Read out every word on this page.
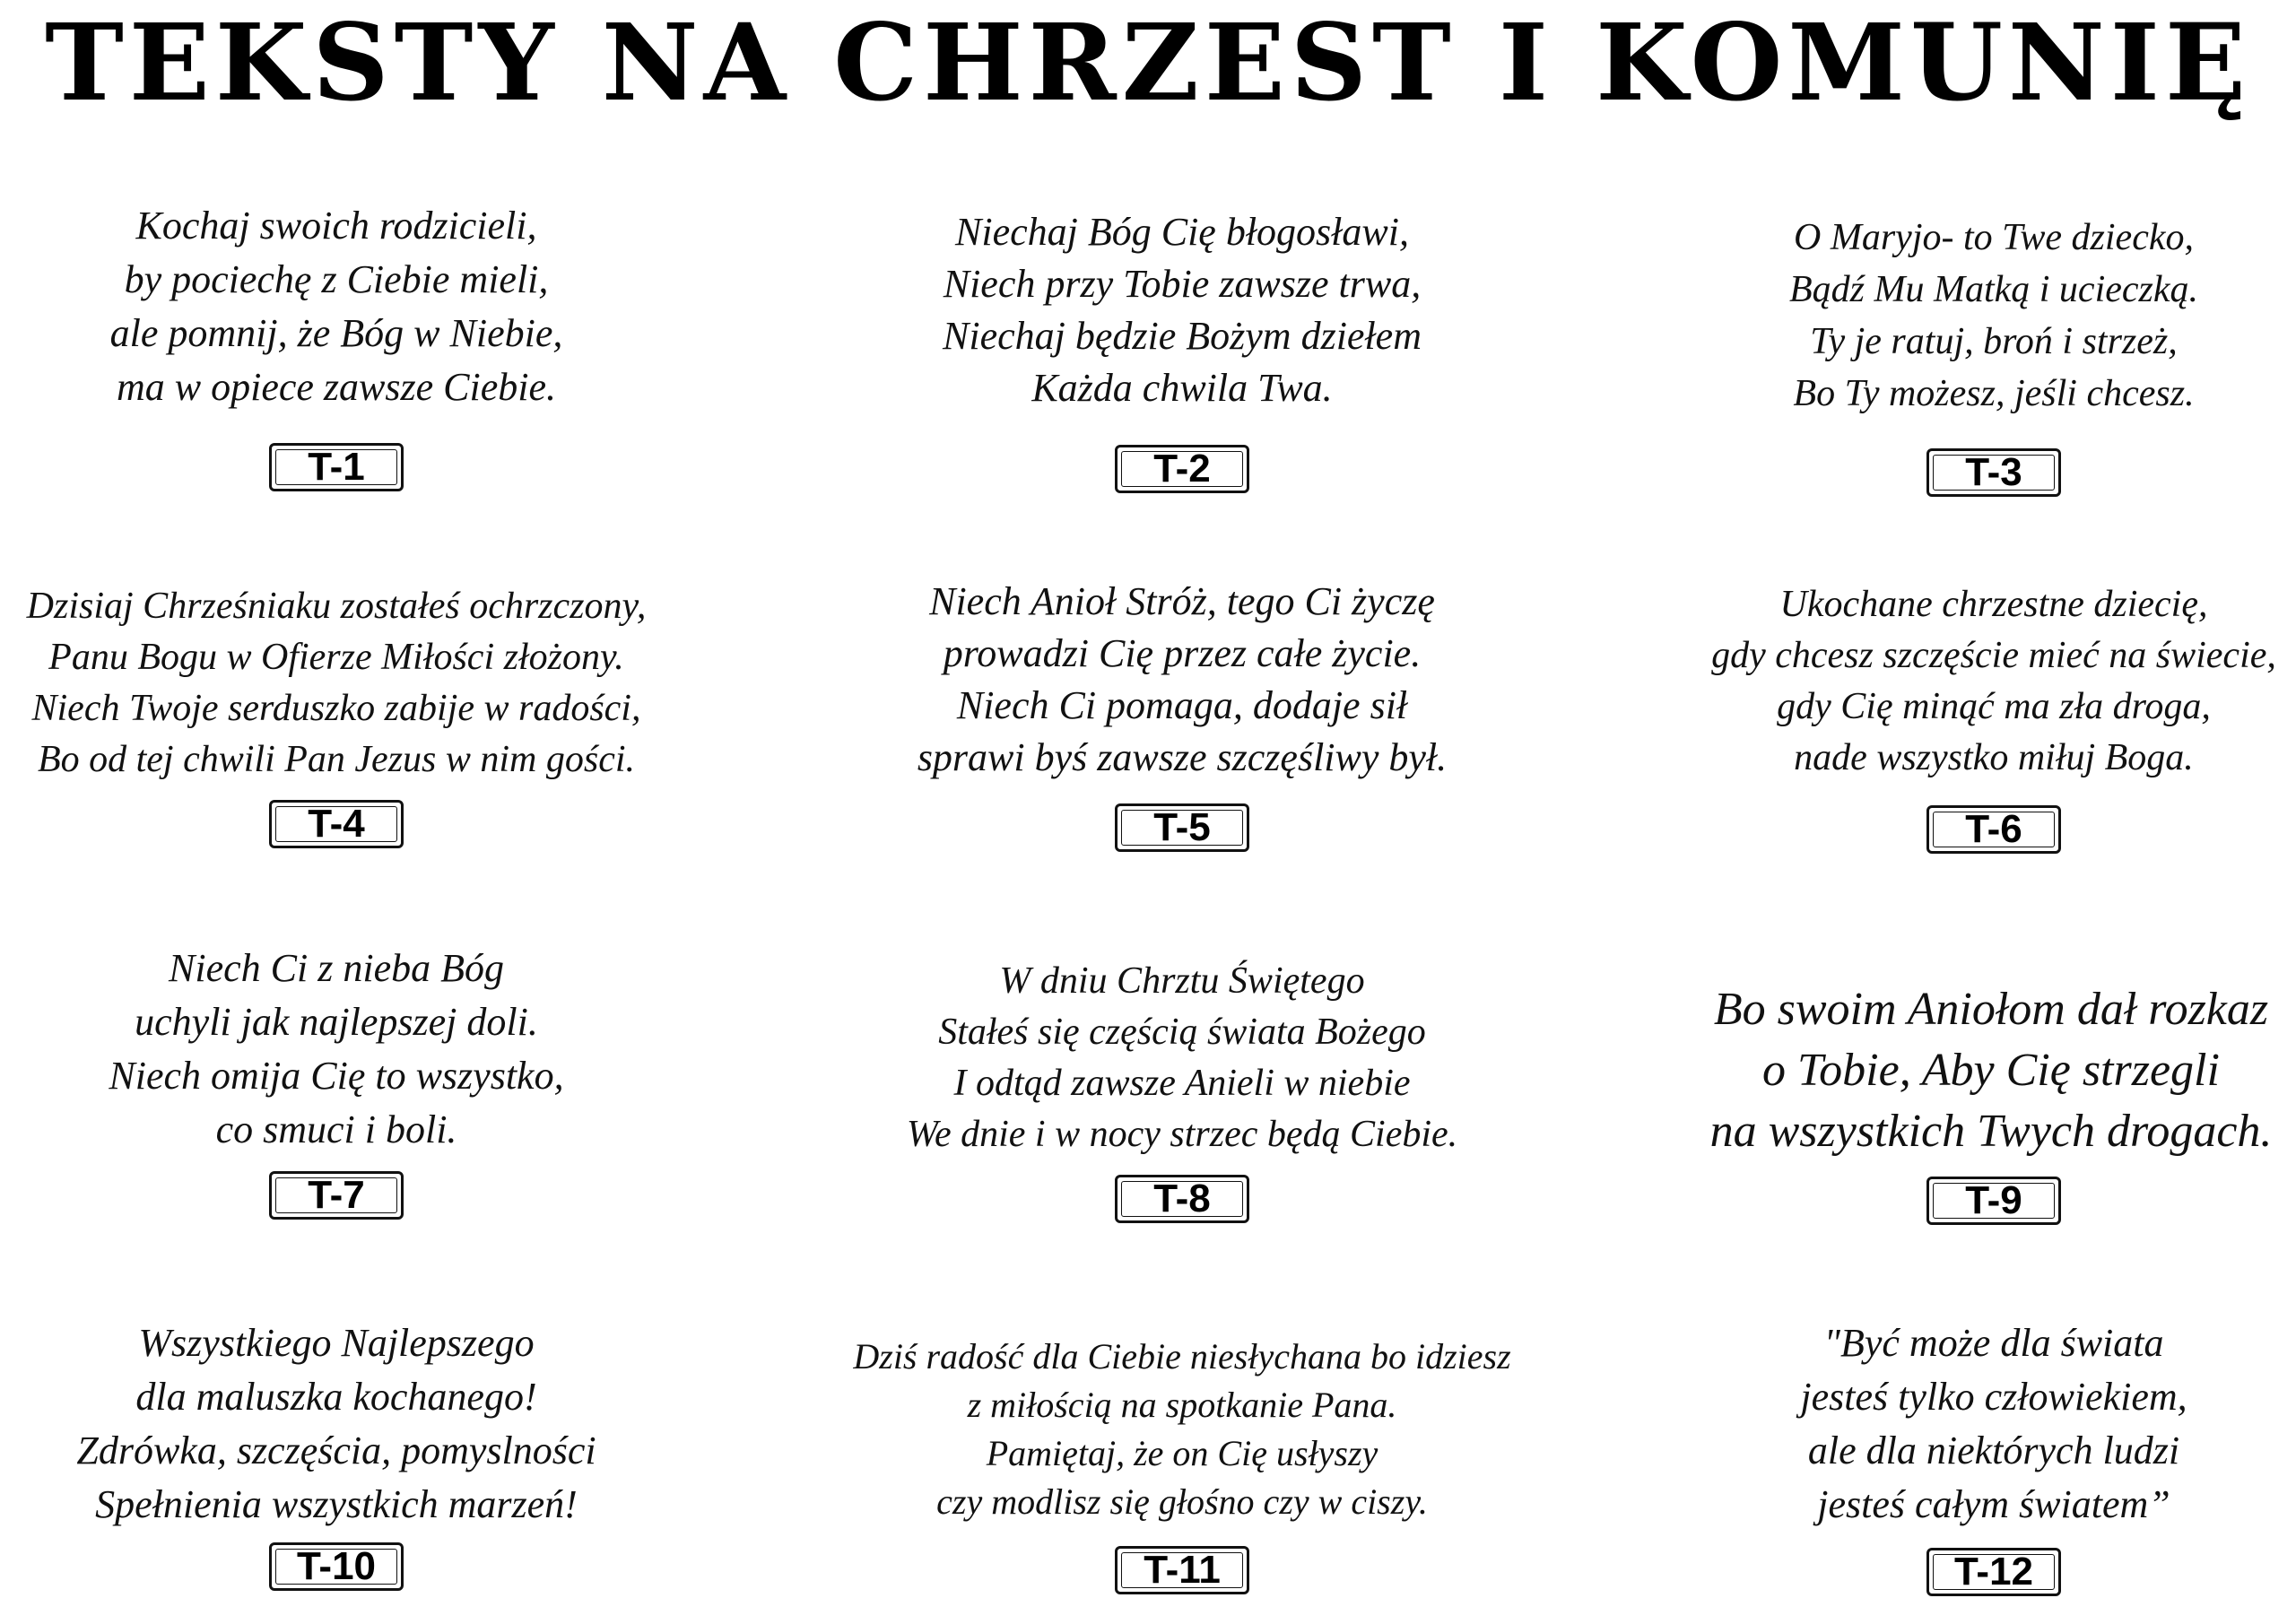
TEKSTY NA CHRZEST I KOMUNIĘ
Kochaj swoich rodzicieli,
by pociechę z Ciebie mieli,
ale pomnij, że Bóg w Niebie,
ma w opiece zawsze Ciebie.
T-1
Niechaj Bóg Cię błogosławi,
Niech przy Tobie zawsze trwa,
Niechaj będzie Bożym dziełem
Każda chwila Twa.
T-2
O Maryjo- to Twe dziecko,
Bądź Mu Matką i ucieczką.
Ty je ratuj, broń i strzeż,
Bo Ty możesz, jeśli chcesz.
T-3
Dzisiaj Chrześniaku zostałeś ochrzczony,
Panu Bogu w Ofierze Miłości złożony.
Niech Twoje serduszko zabije w radości,
Bo od tej chwili Pan Jezus w nim gości.
T-4
Niech Anioł Stróż, tego Ci życzę
prowadzi Cię przez całe życie.
Niech Ci pomaga, dodaje sił
sprawi byś zawsze szczęśliwy był.
T-5
Ukochane chrzestne dziecię,
gdy chcesz szczęście mieć na świecie,
gdy Cię minąć ma zła droga,
nade wszystko miłuj Boga.
T-6
Niech Ci z nieba Bóg
uchyli jak najlepszej doli.
Niech omija Cię to wszystko,
co smuci i boli.
T-7
W dniu Chrztu Świętego
Stałeś się częścią świata Bożego
I odtąd zawsze Anieli w niebie
We dnie i w nocy strzec będą Ciebie.
T-8
Bo swoim Aniołom dał rozkaz
o Tobie, Aby Cię strzegli
na wszystkich Twych drogach.
T-9
Wszystkiego Najlepszego
dla maluszka kochanego!
Zdrówka, szczęścia, pomyslności
Spełnienia wszystkich marzeń!
T-10
Dziś radość dla Ciebie niesłychana bo idziesz
z miłością na spotkanie Pana.
Pamiętaj, że on Cię usłyszy
czy modlisz się głośno czy w ciszy.
T-11
"Być może dla świata
jesteś tylko człowiekiem,
ale dla niektórych ludzi
jesteś całym światem”
T-12
